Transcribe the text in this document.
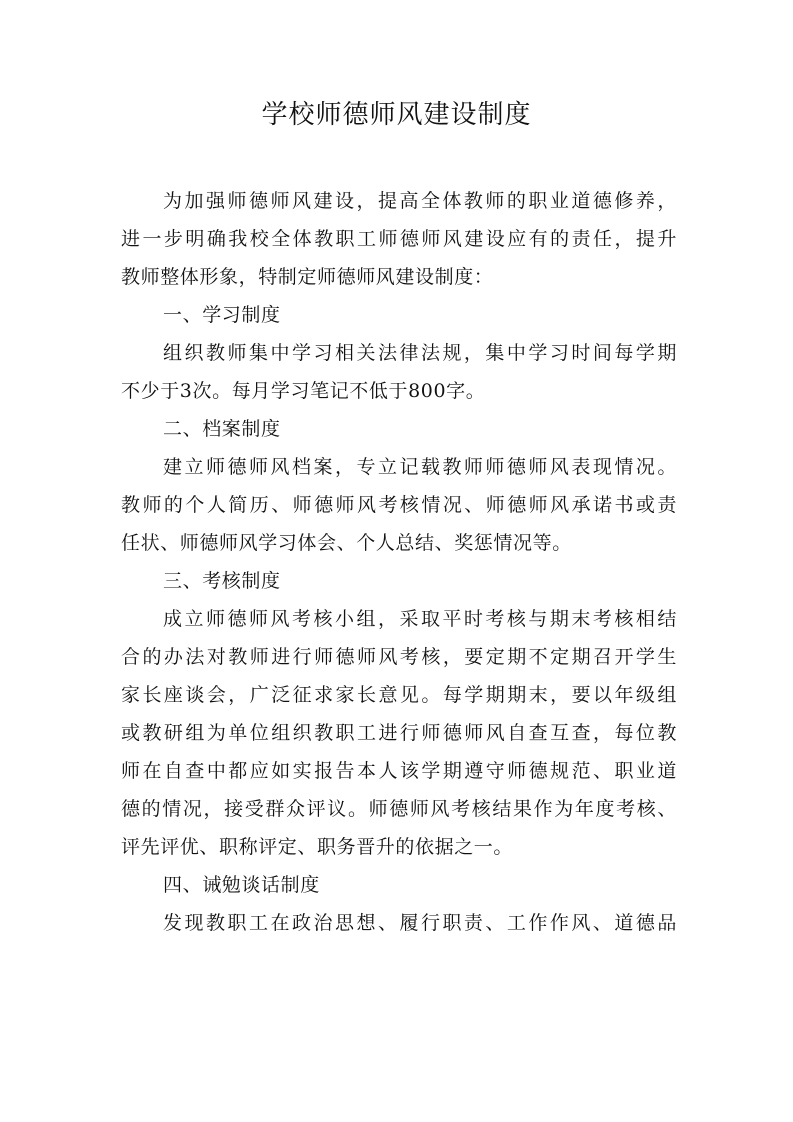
学校师德师风建设制度
为加强师德师风建设，提高全体教师的职业道德修养，
进一步明确我校全体教职工师德师风建设应有的责任，提升
教师整体形象，特制定师德师风建设制度：
一、学习制度
组织教师集中学习相关法律法规，集中学习时间每学期
不少于3次。每月学习笔记不低于800字。
二、档案制度
建立师德师风档案，专立记载教师师德师风表现情况。
教师的个人简历、师德师风考核情况、师德师风承诺书或责
任状、师德师风学习体会、个人总结、奖惩情况等。
三、考核制度
成立师德师风考核小组，采取平时考核与期末考核相结
合的办法对教师进行师德师风考核，要定期不定期召开学生
家长座谈会，广泛征求家长意见。每学期期末，要以年级组
或教研组为单位组织教职工进行师德师风自查互查，每位教
师在自查中都应如实报告本人该学期遵守师德规范、职业道
德的情况，接受群众评议。师德师风考核结果作为年度考核、
评先评优、职称评定、职务晋升的依据之一。
四、诫勉谈话制度
发现教职工在政治思想、履行职责、工作作风、道德品
